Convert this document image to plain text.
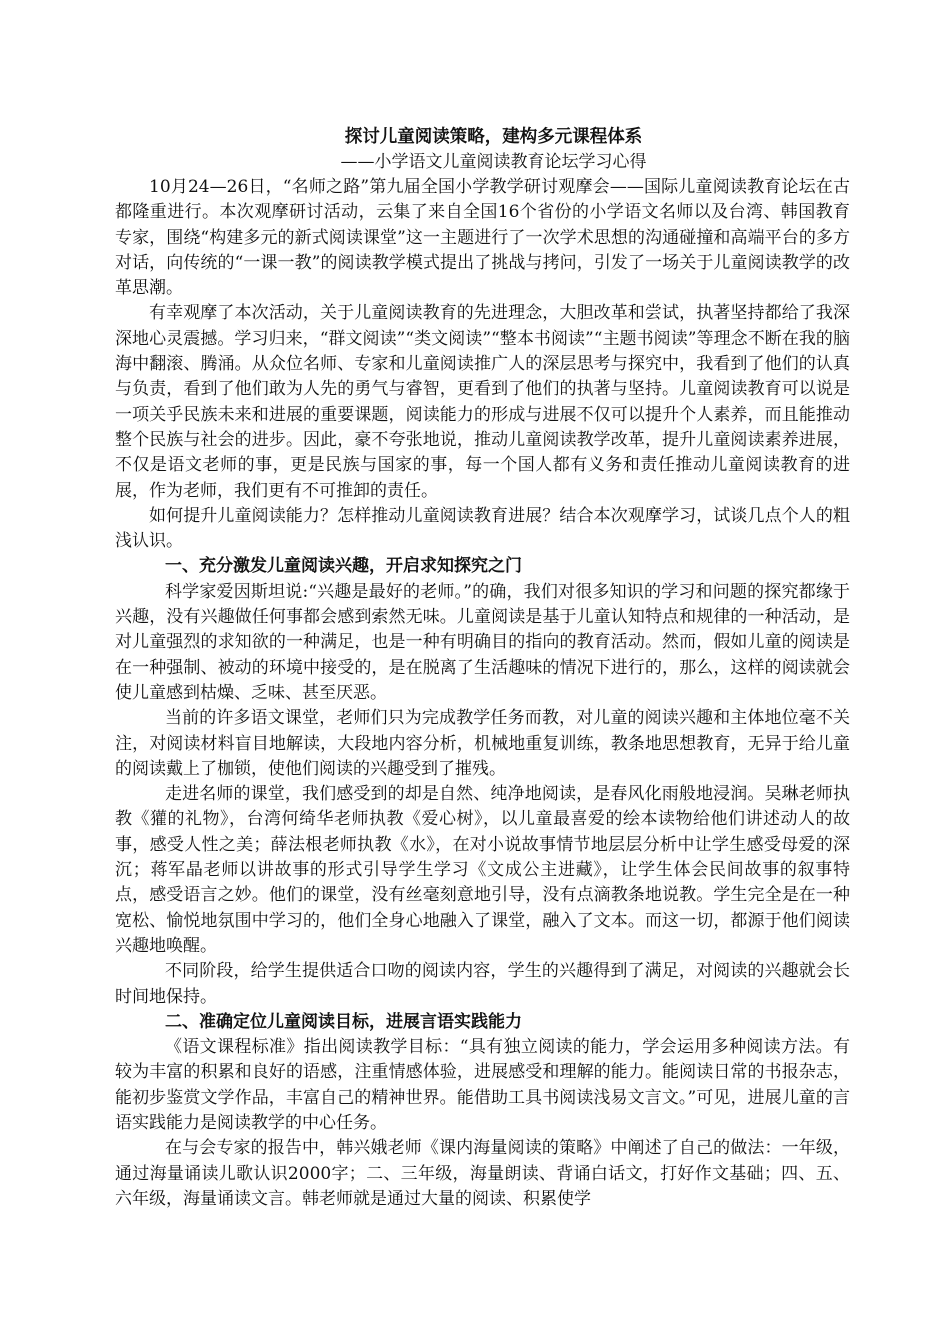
探讨儿童阅读策略，建构多元课程体系
——小学语文儿童阅读教育论坛学习心得

10月24—26日，“名师之路”第九届全国小学教学研讨观摩会——国际儿童阅读教育论坛在古都隆重进行。本次观摩研讨活动，云集了来自全国16个省份的小学语文名师以及台湾、韩国教育专家，围绕“构建多元的新式阅读课堂”这一主题进行了一次学术思想的沟通碰撞和高端平台的多方对话，向传统的“一课一教”的阅读教学模式提出了挑战与拷问，引发了一场关于儿童阅读教学的改革思潮。

有幸观摩了本次活动，关于儿童阅读教育的先进理念，大胆改革和尝试，执著坚持都给了我深深地心灵震撼。学习归来，“群文阅读”“类文阅读”“整本书阅读”“主题书阅读”等理念不断在我的脑海中翻滚、腾涌。从众位名师、专家和儿童阅读推广人的深层思考与探究中，我看到了他们的认真与负责，看到了他们敢为人先的勇气与睿智，更看到了他们的执著与坚持。儿童阅读教育可以说是一项关乎民族未来和进展的重要课题，阅读能力的形成与进展不仅可以提升个人素养，而且能推动整个民族与社会的进步。因此，豪不夸张地说，推动儿童阅读教学改革，提升儿童阅读素养进展，不仅是语文老师的事，更是民族与国家的事，每一个国人都有义务和责任推动儿童阅读教育的进展，作为老师，我们更有不可推卸的责任。

如何提升儿童阅读能力？怎样推动儿童阅读教育进展？结合本次观摩学习，试谈几点个人的粗浅认识。

一、充分激发儿童阅读兴趣，开启求知探究之门

科学家爱因斯坦说:“兴趣是最好的老师。”的确，我们对很多知识的学习和问题的探究都缘于兴趣，没有兴趣做任何事都会感到索然无味。儿童阅读是基于儿童认知特点和规律的一种活动，是对儿童强烈的求知欲的一种满足，也是一种有明确目的指向的教育活动。然而，假如儿童的阅读是在一种强制、被动的环境中接受的，是在脱离了生活趣味的情况下进行的，那么，这样的阅读就会使儿童感到枯燥、乏味、甚至厌恶。

当前的许多语文课堂，老师们只为完成教学任务而教，对儿童的阅读兴趣和主体地位毫不关注，对阅读材料盲目地解读，大段地内容分析，机械地重复训练，教条地思想教育，无异于给儿童的阅读戴上了枷锁，使他们阅读的兴趣受到了摧残。

走进名师的课堂，我们感受到的却是自然、纯净地阅读，是春风化雨般地浸润。吴琳老师执教《獾的礼物》，台湾何绮华老师执教《爱心树》，以儿童最喜爱的绘本读物给他们讲述动人的故事，感受人性之美；薛法根老师执教《水》，在对小说故事情节地层层分析中让学生感受母爱的深沉；蒋军晶老师以讲故事的形式引导学生学习《文成公主进藏》，让学生体会民间故事的叙事特点，感受语言之妙。他们的课堂，没有丝毫刻意地引导，没有点滴教条地说教。学生完全是在一种宽松、愉悦地氛围中学习的，他们全身心地融入了课堂，融入了文本。而这一切，都源于他们阅读兴趣地唤醒。

不同阶段，给学生提供适合口吻的阅读内容，学生的兴趣得到了满足，对阅读的兴趣就会长时间地保持。

二、准确定位儿童阅读目标，进展言语实践能力

《语文课程标准》指出阅读教学目标：“具有独立阅读的能力，学会运用多种阅读方法。有较为丰富的积累和良好的语感，注重情感体验，进展感受和理解的能力。能阅读日常的书报杂志，能初步鉴赏文学作品，丰富自己的精神世界。能借助工具书阅读浅易文言文。”可见，进展儿童的言语实践能力是阅读教学的中心任务。

在与会专家的报告中，韩兴娥老师《课内海量阅读的策略》中阐述了自己的做法：一年级，通过海量诵读儿歌认识2000字；二、三年级，海量朗读、背诵白话文，打好作文基础；四、五、六年级，海量诵读文言。韩老师就是通过大量的阅读、积累使学
